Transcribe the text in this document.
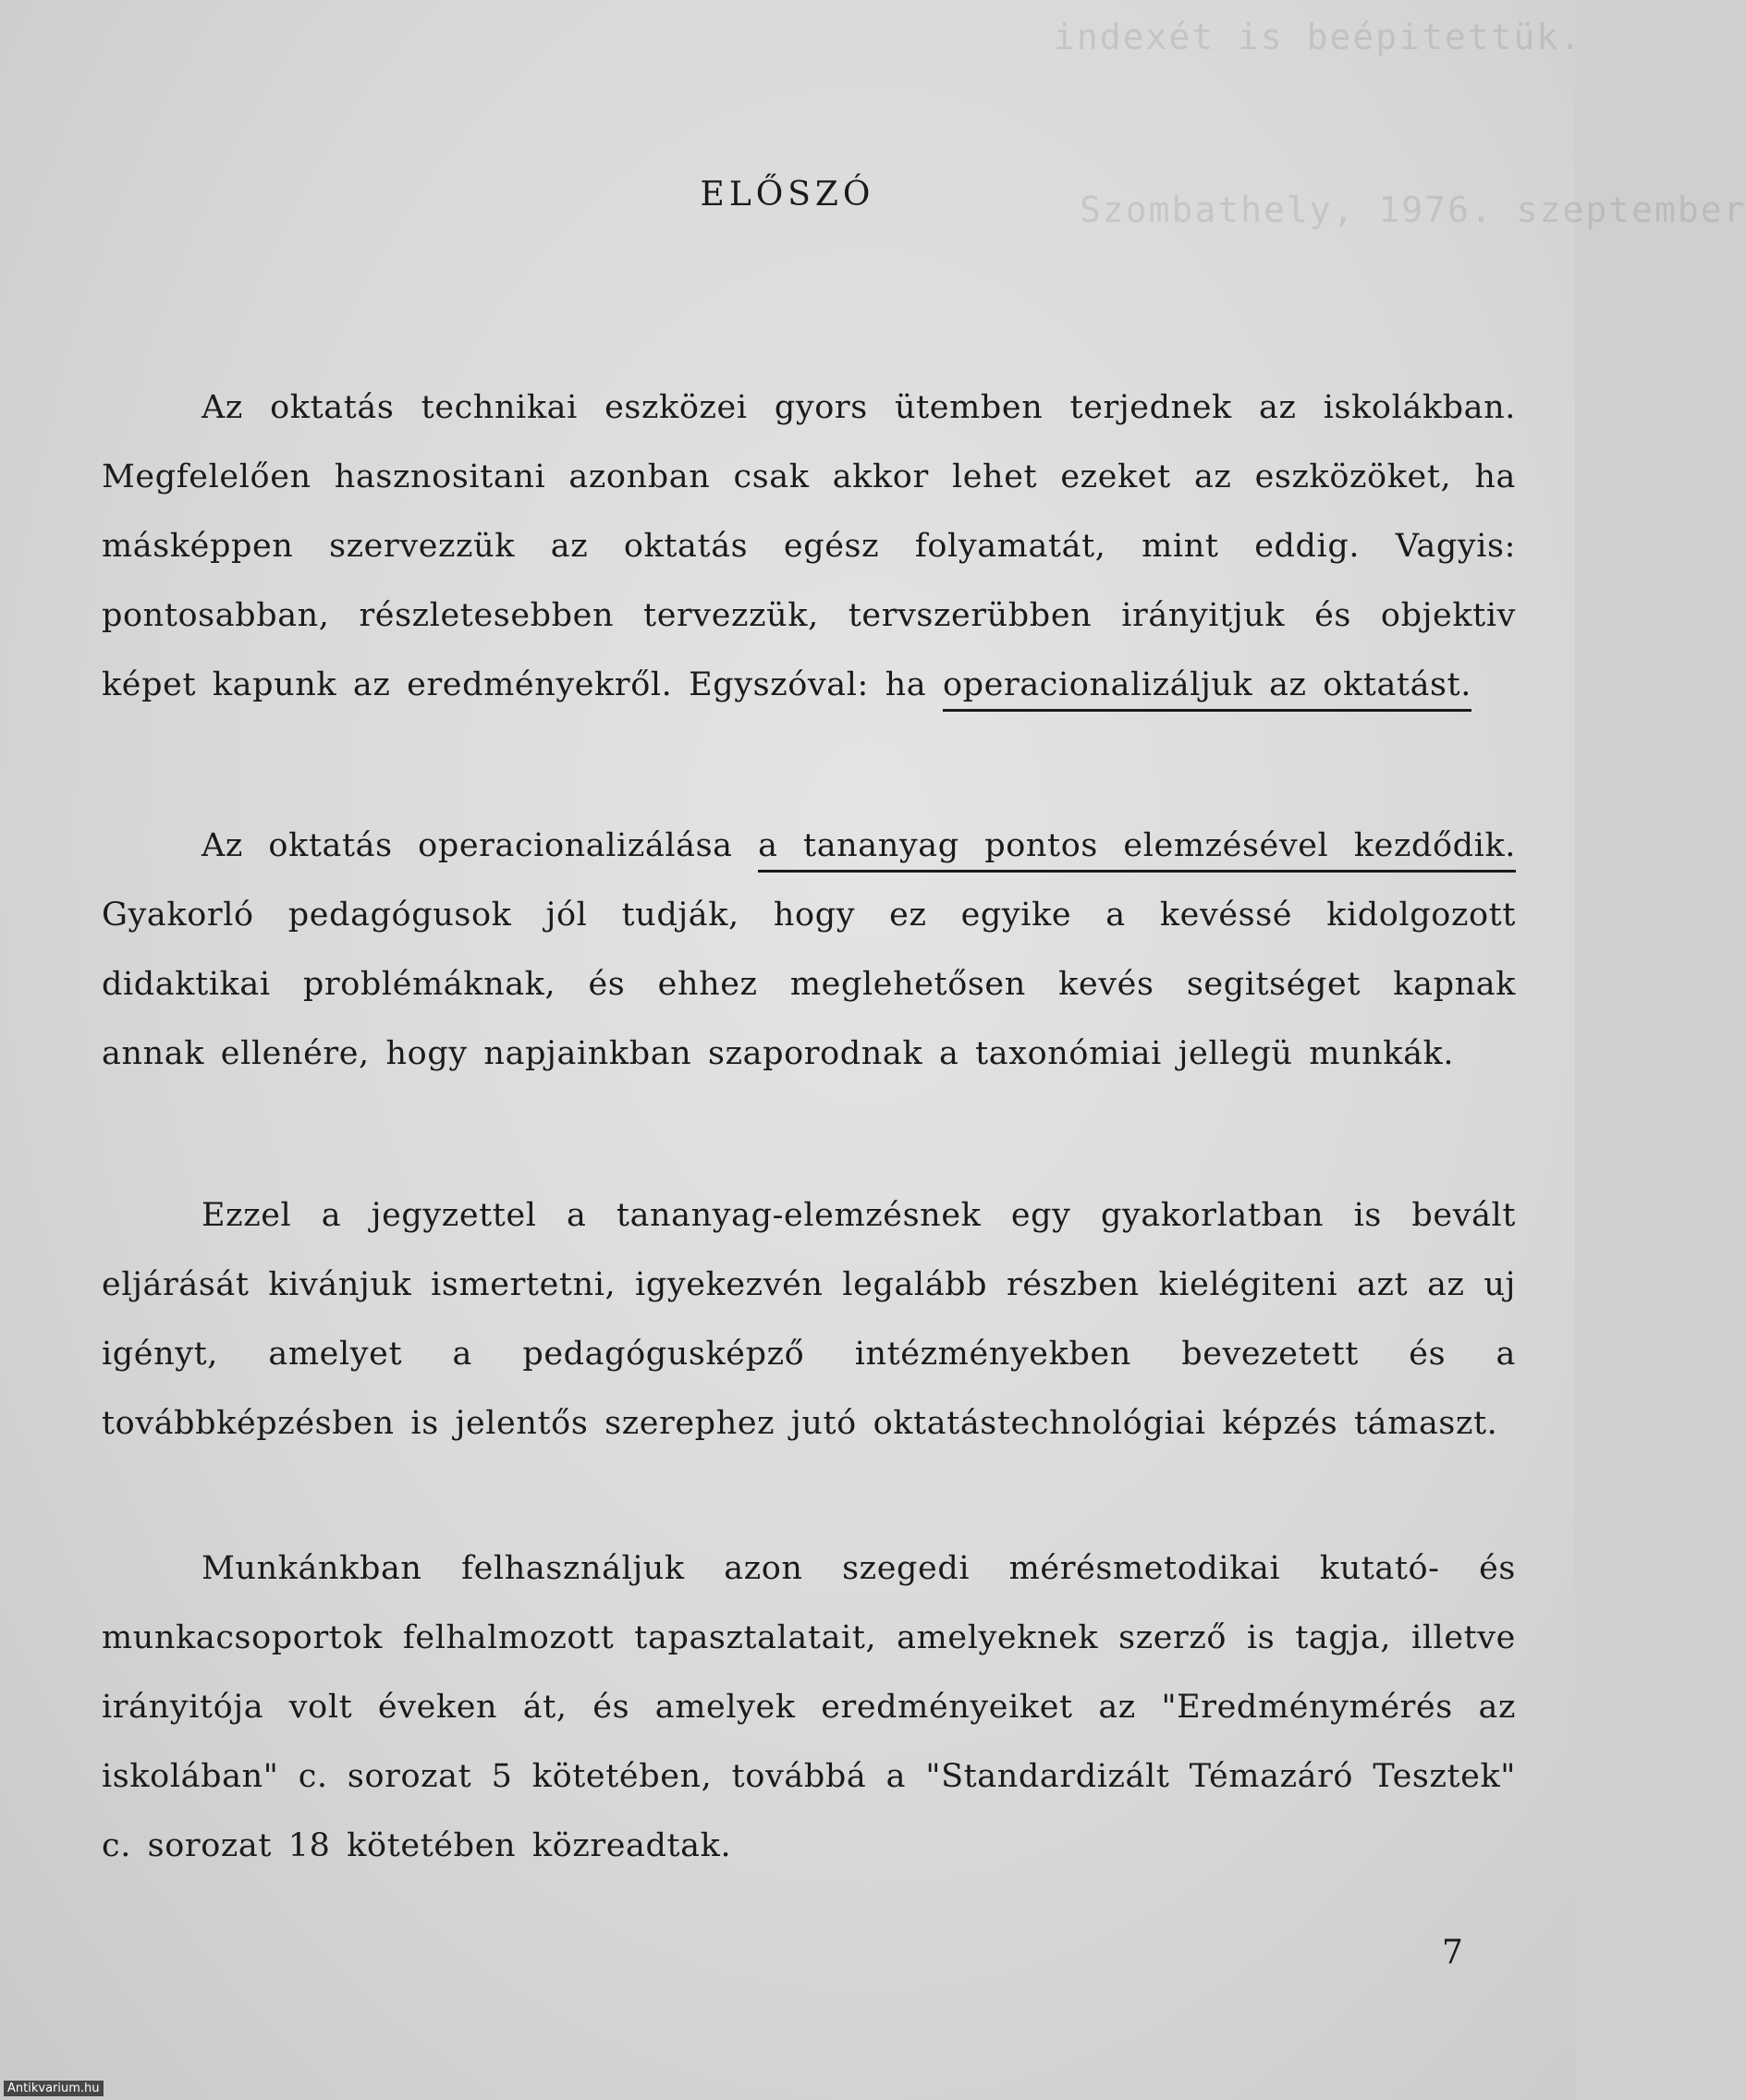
indexét is beépitettük.
Szombathely, 1976. szeptember
ELŐSZÓ

Az oktatás technikai eszközei gyors ütemben terjednek az iskolákban. Megfelelően hasznositani azonban csak akkor lehet ezeket az eszközöket, ha másképpen szervezzük az oktatás egész folyamatát, mint eddig. Vagyis: pontosabban, részletesebben tervezzük, tervszerübben irányitjuk és objektiv képet kapunk az eredményekről. Egyszóval: ha operacionalizáljuk az oktatást.

Az oktatás operacionalizálása a tananyag pontos elemzésével kezdődik. Gyakorló pedagógusok jól tudják, hogy ez egyike a kevéssé kidolgozott didaktikai problémáknak, és ehhez meglehetősen kevés segitséget kapnak annak ellenére, hogy napjainkban szaporodnak a taxonómiai jellegü munkák.

Ezzel a jegyzettel a tananyag-elemzésnek egy gyakorlatban is bevált eljárását kivánjuk ismertetni, igyekezvén legalább részben kielégiteni azt az uj igényt, amelyet a pedagógusképző intézményekben bevezetett és a továbbképzésben is jelentős szerephez jutó oktatástechnológiai képzés támaszt.

Munkánkban felhasználjuk azon szegedi mérésmetodikai kutató- és munkacsoportok felhalmozott tapasztalatait, amelyeknek szerző is tagja, illetve irányitója volt éveken át, és amelyek eredményeiket az "Eredménymérés az iskolában" c. sorozat 5 kötetében, továbbá a "Standardizált Témazáró Tesztek" c. sorozat 18 kötetében közreadtak.

7

Antikvarium.hu
